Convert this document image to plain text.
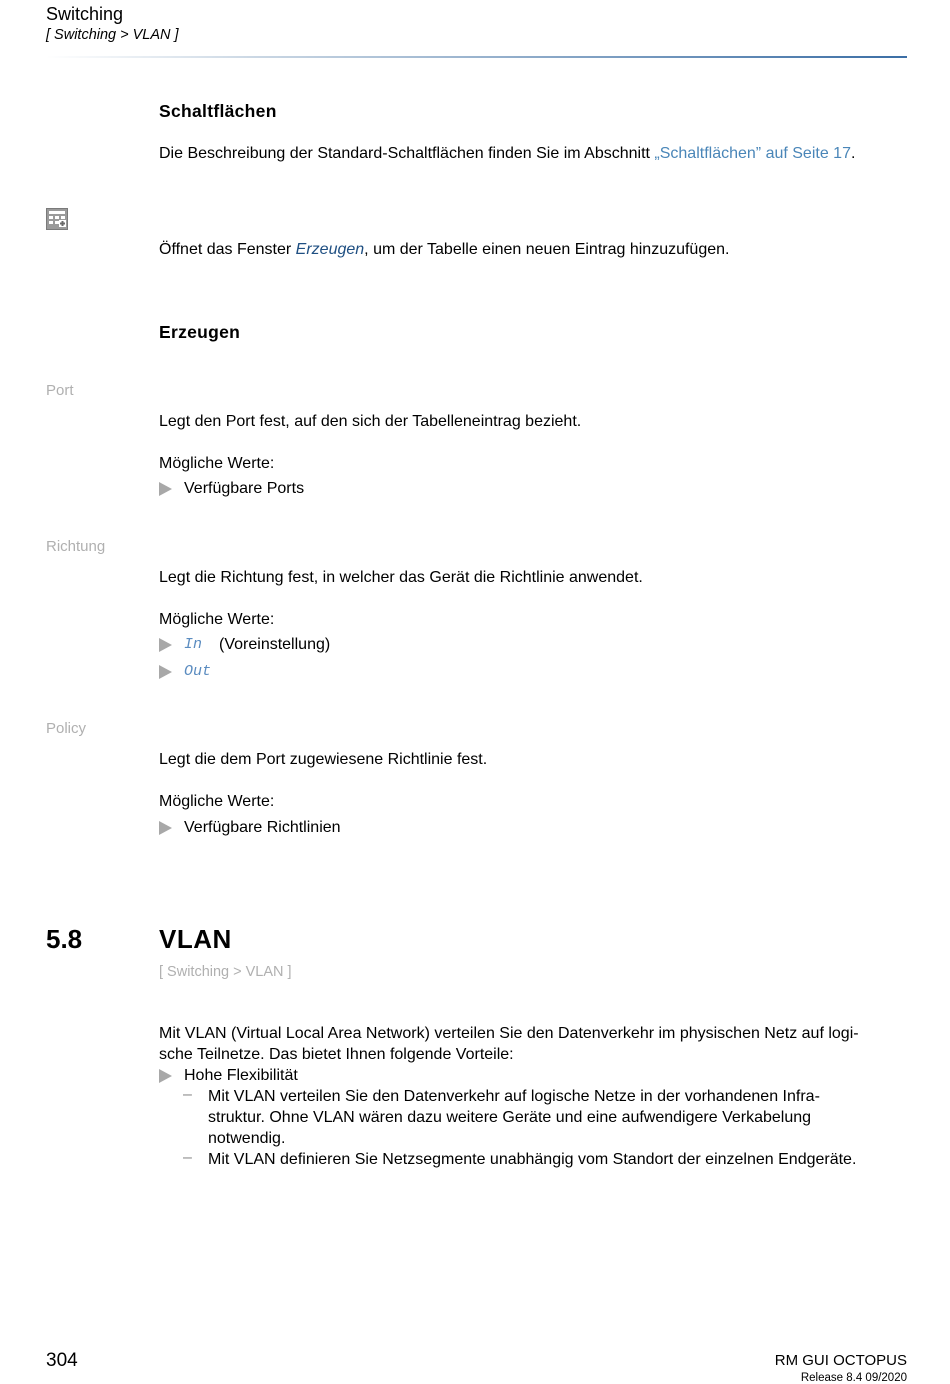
Switching
[ Switching > VLAN ]
Schaltflächen
Die Beschreibung der Standard-Schaltflächen finden Sie im Abschnitt „Schaltflächen” auf Seite 17.
Öffnet das Fenster Erzeugen, um der Tabelle einen neuen Eintrag hinzuzufügen.
Erzeugen
Port
Legt den Port fest, auf den sich der Tabelleneintrag bezieht.
Mögliche Werte:
Verfügbare Ports
Richtung
Legt die Richtung fest, in welcher das Gerät die Richtlinie anwendet.
Mögliche Werte:
In (Voreinstellung)
Out
Policy
Legt die dem Port zugewiesene Richtlinie fest.
Mögliche Werte:
Verfügbare Richtlinien
5.8	VLAN
[ Switching > VLAN ]
Mit VLAN (Virtual Local Area Network) verteilen Sie den Datenverkehr im physischen Netz auf logi-
sche Teilnetze. Das bietet Ihnen folgende Vorteile:
Hohe Flexibilität
– Mit VLAN verteilen Sie den Datenverkehr auf logische Netze in der vorhandenen Infra-
struktur. Ohne VLAN wären dazu weitere Geräte und eine aufwendigere Verkabelung
notwendig.
– Mit VLAN definieren Sie Netzsegmente unabhängig vom Standort der einzelnen Endgeräte.
304	RM GUI OCTOPUS
Release 8.4 09/2020
